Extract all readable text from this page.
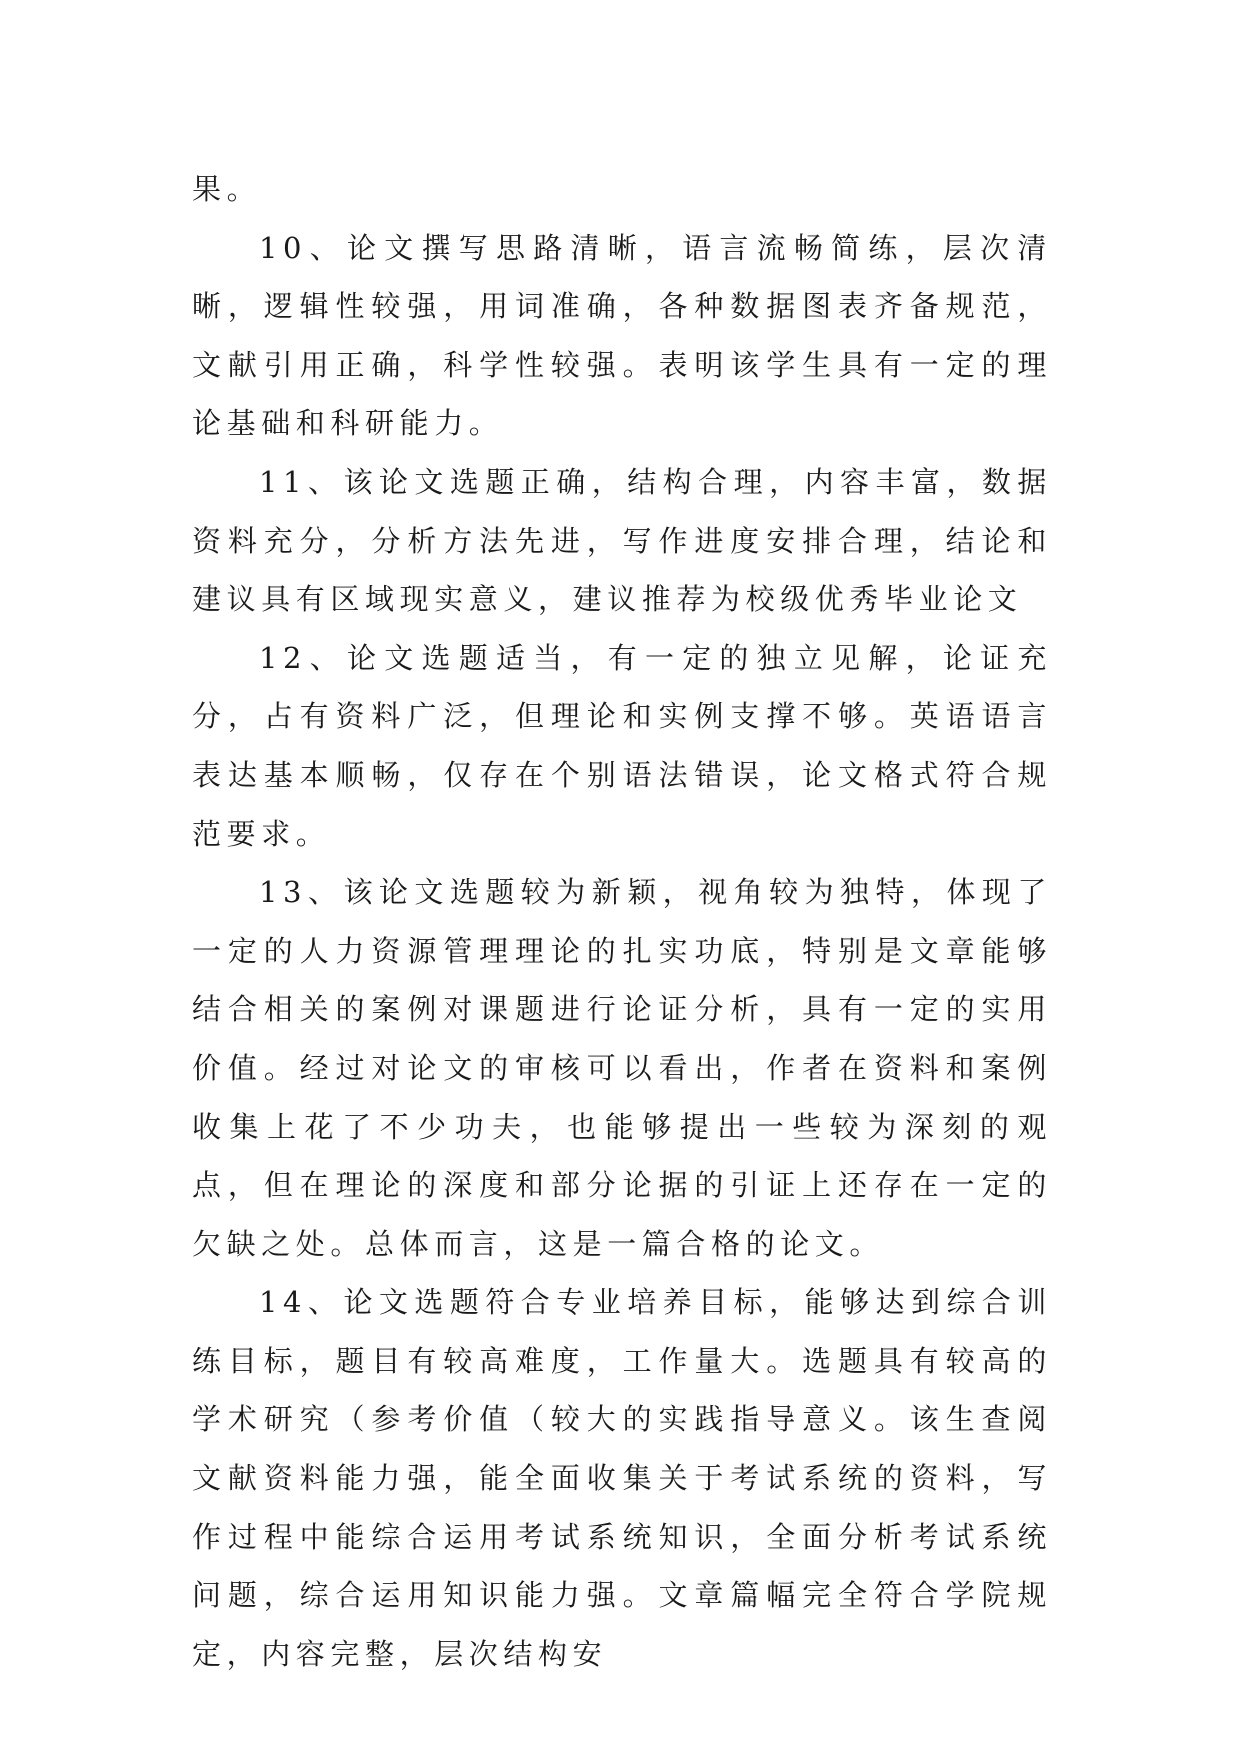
果。

10、论文撰写思路清晰，语言流畅简练，层次清晰，逻辑性较强，用词准确，各种数据图表齐备规范，文献引用正确，科学性较强。表明该学生具有一定的理论基础和科研能力。

11、该论文选题正确，结构合理，内容丰富，数据资料充分，分析方法先进，写作进度安排合理，结论和建议具有区域现实意义，建议推荐为校级优秀毕业论文

12、论文选题适当，有一定的独立见解，论证充分，占有资料广泛，但理论和实例支撑不够。英语语言表达基本顺畅，仅存在个别语法错误，论文格式符合规范要求。

13、该论文选题较为新颖，视角较为独特，体现了一定的人力资源管理理论的扎实功底，特别是文章能够结合相关的案例对课题进行论证分析，具有一定的实用价值。经过对论文的审核可以看出，作者在资料和案例收集上花了不少功夫，也能够提出一些较为深刻的观点，但在理论的深度和部分论据的引证上还存在一定的欠缺之处。总体而言，这是一篇合格的论文。

14、论文选题符合专业培养目标，能够达到综合训练目标，题目有较高难度，工作量大。选题具有较高的学术研究（参考价值（较大的实践指导意义。该生查阅文献资料能力强，能全面收集关于考试系统的资料，写作过程中能综合运用考试系统知识，全面分析考试系统问题，综合运用知识能力强。文章篇幅完全符合学院规定，内容完整，层次结构安
